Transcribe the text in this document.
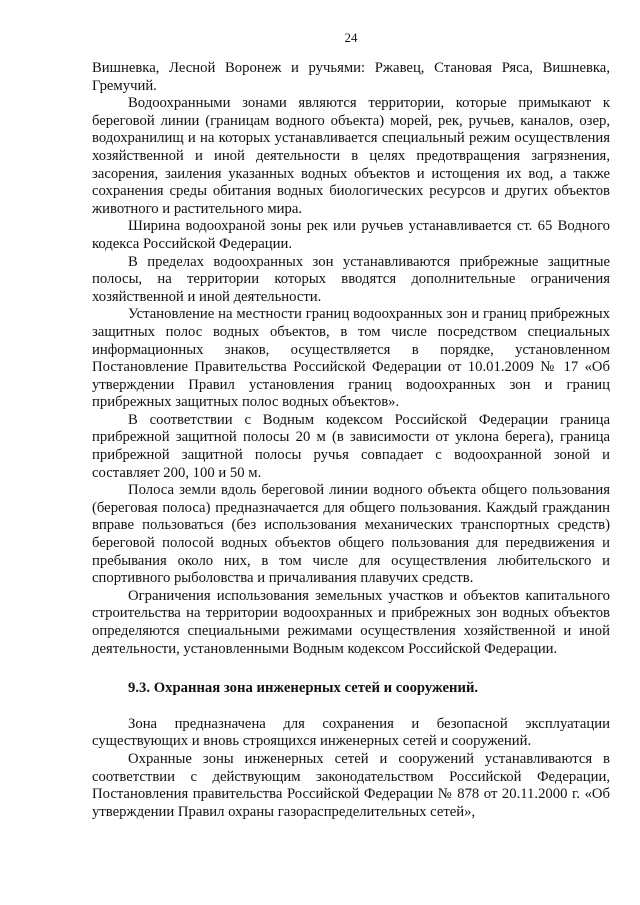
24

Вишневка, Лесной Воронеж и ручьями: Ржавец, Становая Ряса, Вишневка, Гремучий.

Водоохранными зонами являются территории, которые примыкают к береговой линии (границам водного объекта) морей, рек, ручьев, каналов, озер, водохранилищ и на которых устанавливается специальный режим осуществления хозяйственной и иной деятельности в целях предотвращения загрязнения, засорения, заиления указанных водных объектов и истощения их вод, а также сохранения среды обитания водных биологических ресурсов и других объектов животного и растительного мира.

Ширина водоохраной зоны рек или ручьев устанавливается ст. 65 Водного кодекса Российской Федерации.

В пределах водоохранных зон устанавливаются прибрежные защитные полосы, на территории которых вводятся дополнительные ограничения хозяйственной и иной деятельности.

Установление на местности границ водоохранных зон и границ прибрежных защитных полос водных объектов, в том числе посредством специальных информационных знаков, осуществляется в порядке, установленном Постановление Правительства Российской Федерации от 10.01.2009 № 17 «Об утверждении Правил установления границ водоохранных зон и границ прибрежных защитных полос водных объектов».

В соответствии с Водным кодексом Российской Федерации граница прибрежной защитной полосы 20 м (в зависимости от уклона берега), граница прибрежной защитной полосы ручья совпадает с водоохранной зоной и составляет 200, 100 и 50 м.

Полоса земли вдоль береговой линии водного объекта общего пользования (береговая полоса) предназначается для общего пользования. Каждый гражданин вправе пользоваться (без использования механических транспортных средств) береговой полосой водных объектов общего пользования для передвижения и пребывания около них, в том числе для осуществления любительского и спортивного рыболовства и причаливания плавучих средств.

Ограничения использования земельных участков и объектов капитального строительства на территории водоохранных и прибрежных зон водных объектов определяются специальными режимами осуществления хозяйственной и иной деятельности, установленными Водным кодексом Российской Федерации.

9.3. Охранная зона инженерных сетей и сооружений.

Зона предназначена для сохранения и безопасной эксплуатации существующих и вновь строящихся инженерных сетей и сооружений.

Охранные зоны инженерных сетей и сооружений устанавливаются в соответствии с действующим законодательством Российской Федерации, Постановления правительства Российской Федерации № 878 от 20.11.2000 г. «Об утверждении Правил охраны газораспределительных сетей»,
